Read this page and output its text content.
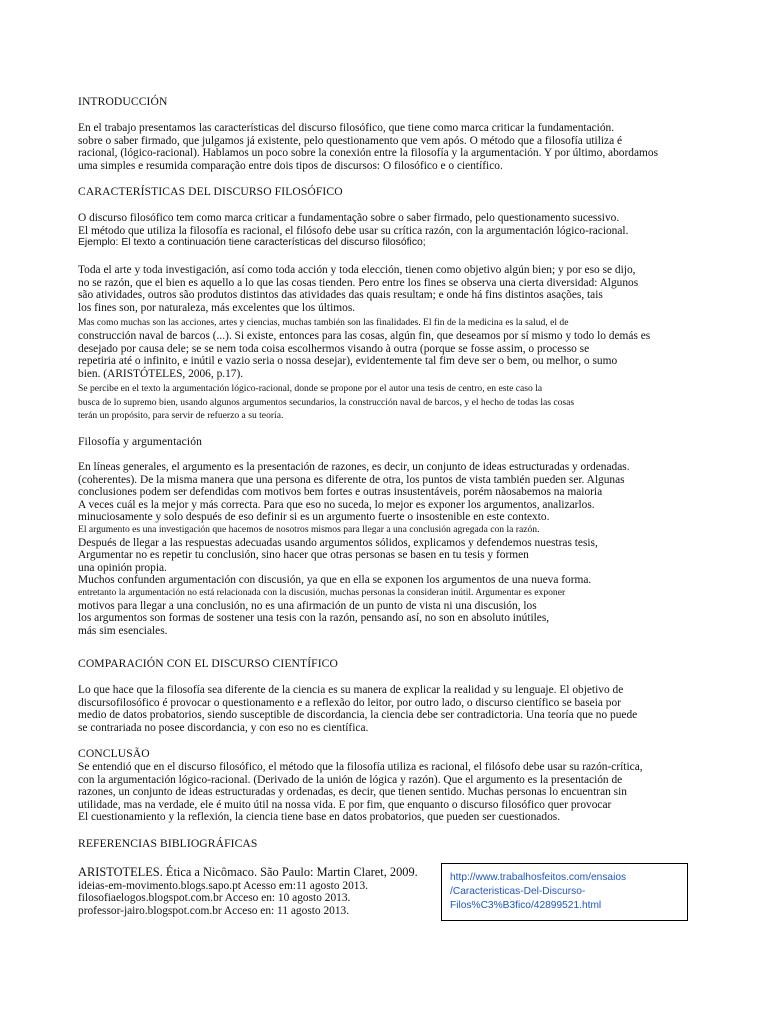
INTRODUCCIÓN
En el trabajo presentamos las características del discurso filosófico, que tiene como marca criticar la fundamentación.
sobre o saber firmado, que julgamos já existente, pelo questionamento que vem após. O método que a filosofía utiliza é
racional, (lógico-racional). Hablamos un poco sobre la conexión entre la filosofía y la argumentación. Y por último, abordamos
uma simples e resumida comparação entre dois tipos de discursos: O filosófico e o científico.
CARACTERÍSTICAS DEL DISCURSO FILOSÓFICO
O discurso filosófico tem como marca criticar a fundamentação sobre o saber firmado, pelo questionamento sucessivo.
El método que utiliza la filosofía es racional, el filósofo debe usar su crítica razón, con la argumentación lógico-racional.
Ejemplo: El texto a continuación tiene características del discurso filosófico;
Toda el arte y toda investigación, así como toda acción y toda elección, tienen como objetivo algún bien; y por eso se dijo,
no se razón, que el bien es aquello a lo que las cosas tienden. Pero entre los fines se observa una cierta diversidad: Algunos
são atividades, outros são produtos distintos das atividades das quais resultam; e onde há fins distintos asações, tais
los fines son, por naturaleza, más excelentes que los últimos.
Mas como muchas son las acciones, artes y ciencias, muchas también son las finalidades. El fin de la medicina es la salud, el de
construcción naval de barcos (...). Si existe, entonces para las cosas, algún fin, que deseamos por sí mismo y todo lo demás es
desejado por causa dele; se se nem toda coisa escolhermos visando à outra (porque se fosse assim, o processo se
repetiria até o infinito, e inútil e vazio seria o nossa desejar), evidentemente tal fim deve ser o bem, ou melhor, o sumo
bien. (ARISTÓTELES, 2006, p.17).
Se percibe en el texto la argumentación lógico-racional, donde se propone por el autor una tesis de centro, en este caso la
busca de lo supremo bien, usando algunos argumentos secundarios, la construcción naval de barcos, y el hecho de todas las cosas
terán un propósito, para servir de refuerzo a su teoría.
Filosofía y argumentación
En líneas generales, el argumento es la presentación de razones, es decir, un conjunto de ideas estructuradas y ordenadas.
(coherentes). De la misma manera que una persona es diferente de otra, los puntos de vista también pueden ser. Algunas
conclusiones podem ser defendidas com motivos bem fortes e outras insustentáveis, porém nãosabemos na maioria
A veces cuál es la mejor y más correcta. Para que eso no suceda, lo mejor es exponer los argumentos, analizarlos.
minuciosamente y solo después de eso definir si es un argumento fuerte o insostenible en este contexto.
El argumento es una investigación que hacemos de nosotros mismos para llegar a una conclusión agregada con la razón.
Después de llegar a las respuestas adecuadas usando argumentos sólidos, explicamos y defendemos nuestras tesis,
Argumentar no es repetir tu conclusión, sino hacer que otras personas se basen en tu tesis y formen
una opinión propia.
Muchos confunden argumentación con discusión, ya que en ella se exponen los argumentos de una nueva forma.
entretanto la argumentación no está relacionada con la discusión, muchas personas la consideran inútil. Argumentar es exponer
motivos para llegar a una conclusión, no es una afirmación de un punto de vista ni una discusión, los
los argumentos son formas de sostener una tesis con la razón, pensando así, no son en absoluto inútiles,
más sim esenciales.
COMPARACIÓN CON EL DISCURSO CIENTÍFICO
Lo que hace que la filosofía sea diferente de la ciencia es su manera de explicar la realidad y su lenguaje. El objetivo de
discursofilosófico é provocar o questionamento e a reflexão do leitor, por outro lado, o discurso científico se baseia por
medio de datos probatorios, siendo susceptible de discordancia, la ciencia debe ser contradictoria. Una teoría que no puede
se contrariada no posee discordancia, y con eso no es científica.
CONCLUSÃO
Se entendió que en el discurso filosófico, el método que la filosofía utiliza es racional, el filósofo debe usar su razón-crítica,
con la argumentación lógico-racional. (Derivado de la unión de lógica y razón). Que el argumento es la presentación de
razones, un conjunto de ideas estructuradas y ordenadas, es decir, que tienen sentido. Muchas personas lo encuentran sin
utilidade, mas na verdade, ele é muito útil na nossa vida. E por fim, que enquanto o discurso filosófico quer provocar
El cuestionamiento y la reflexión, la ciencia tiene base en datos probatorios, que pueden ser cuestionados.
REFERENCIAS BIBLIOGRÁFICAS
ARISTOTELES. Ética a Nicômaco. São Paulo: Martin Claret, 2009.
ideias-em-movimento.blogs.sapo.pt Acesso em:11 agosto 2013.
filosofiaelogos.blogspot.com.br Acceso en: 10 agosto 2013.
professor-jairo.blogspot.com.br Acceso en: 11 agosto 2013.
http://www.trabalhosfeitos.com/ensaios
/Caracteristicas-Del-Discurso-
Filos%C3%B3fico/42899521.html
